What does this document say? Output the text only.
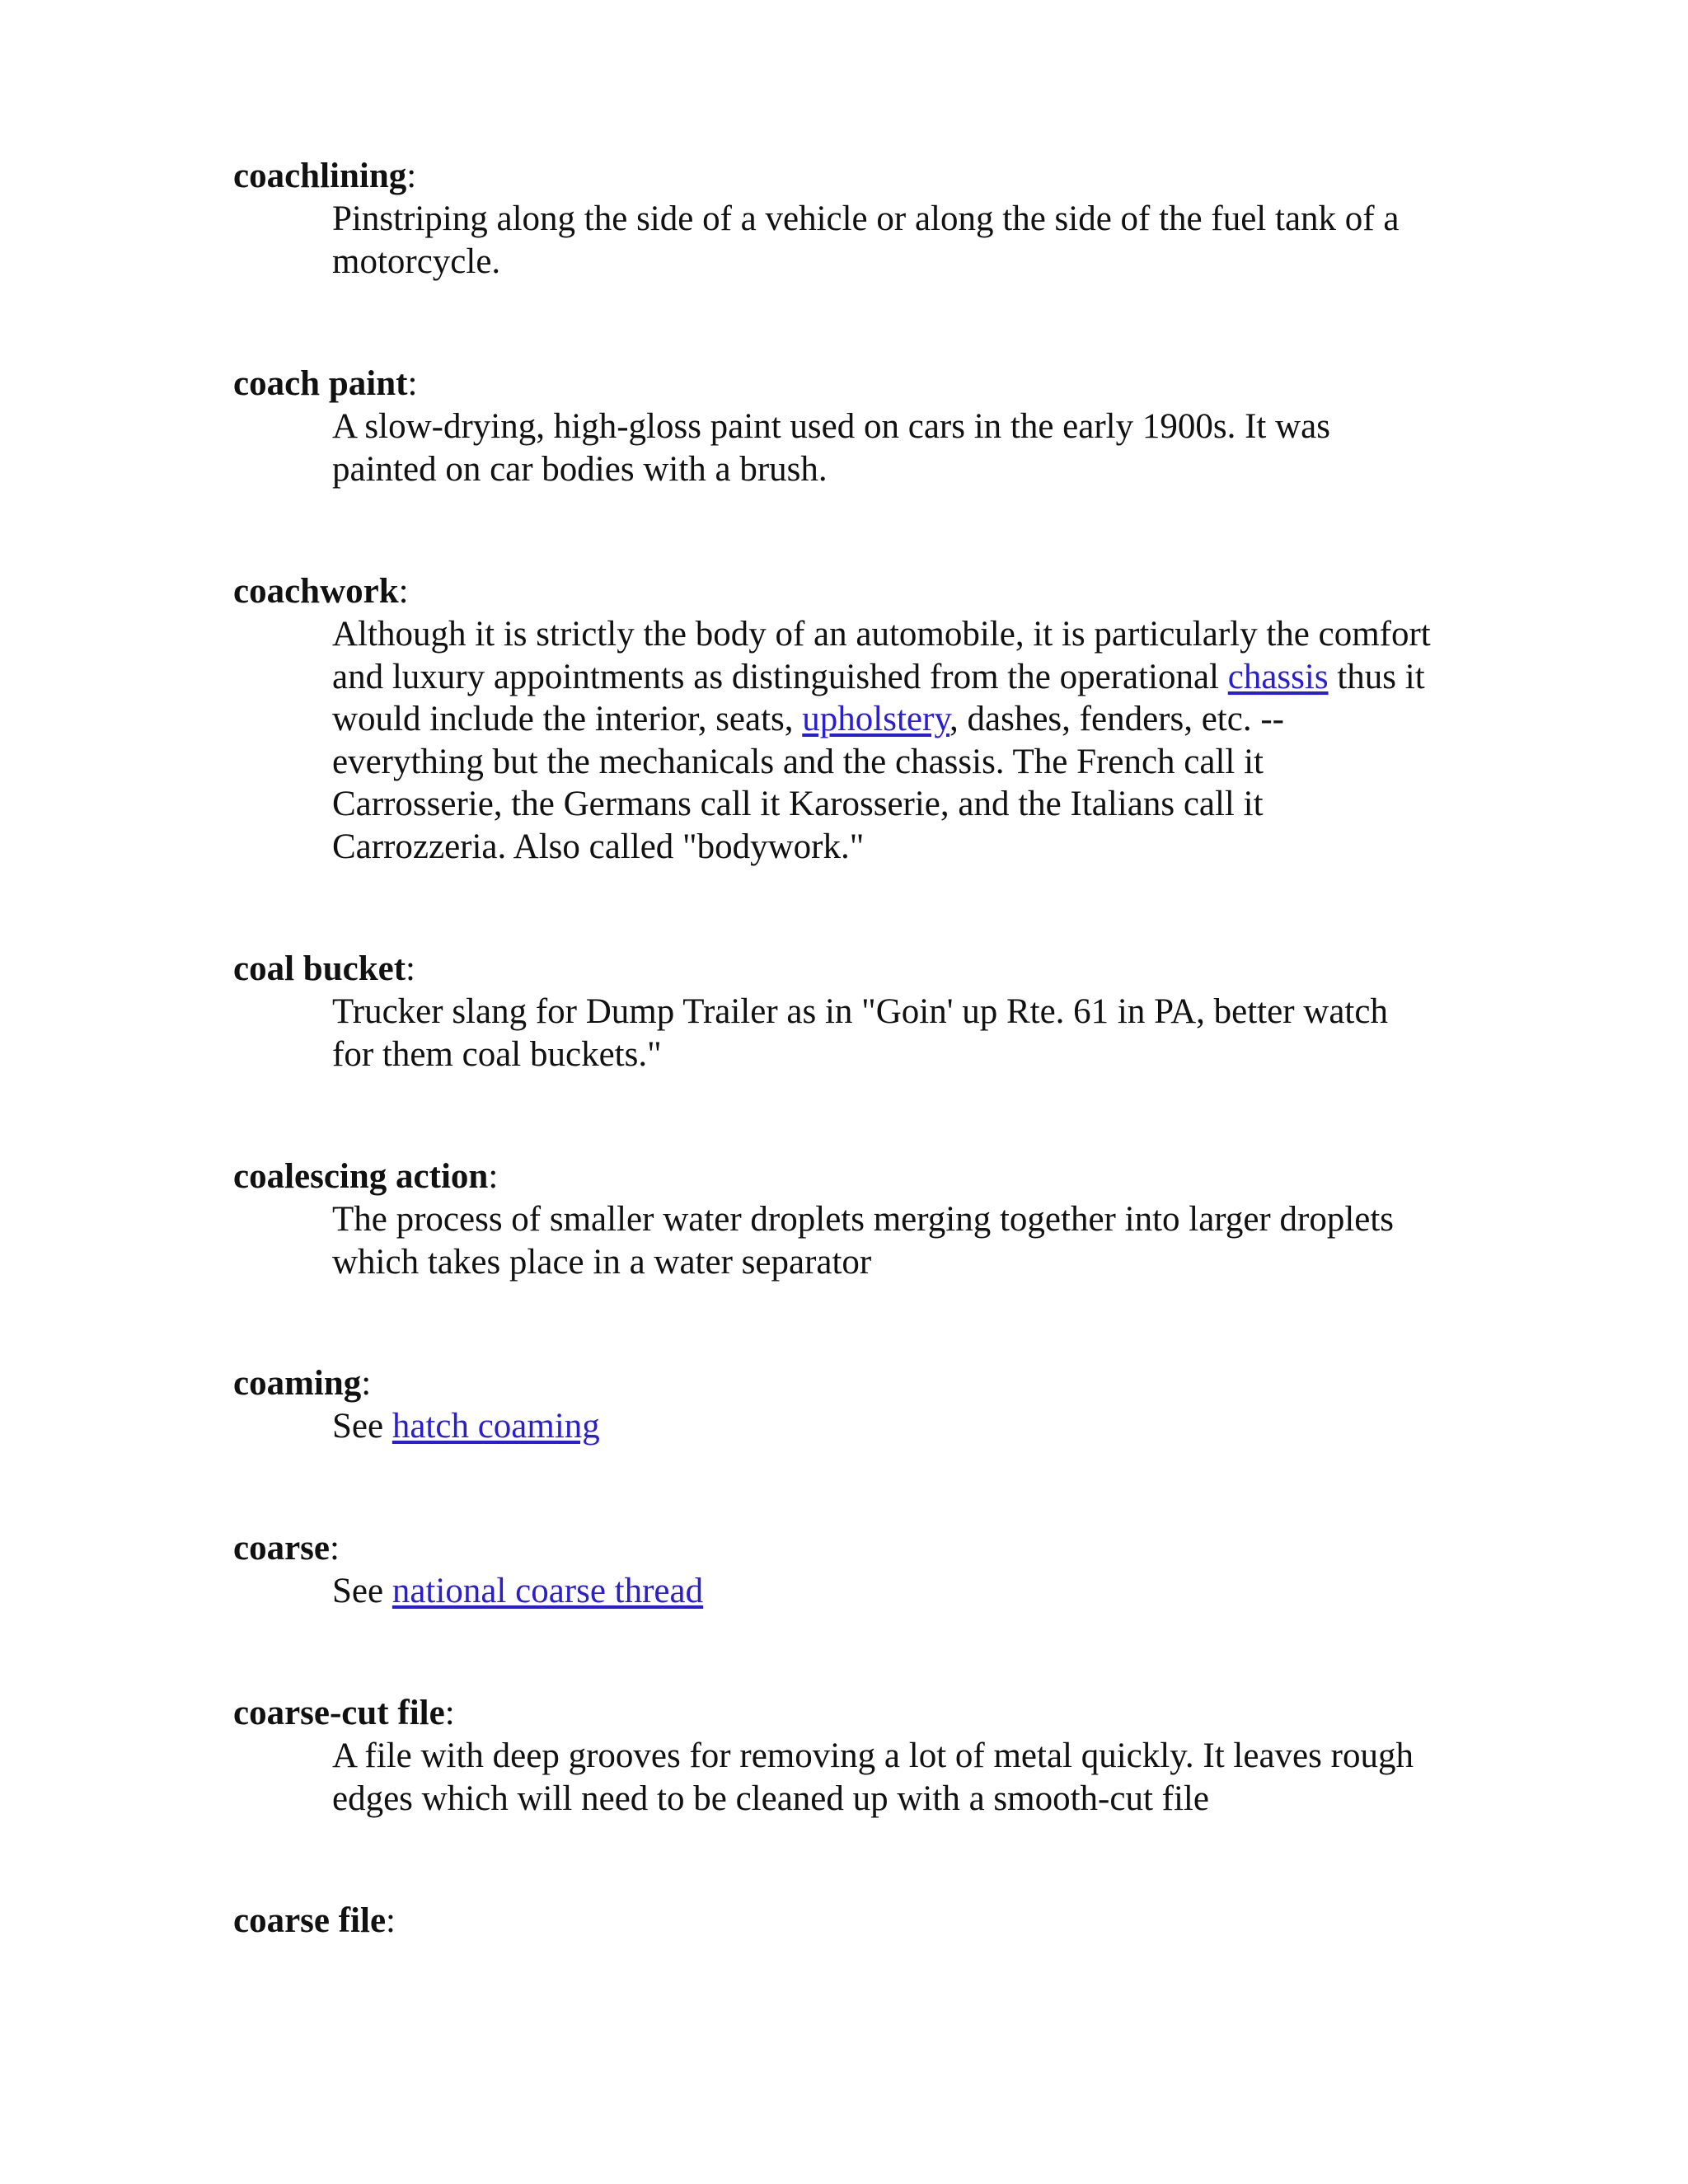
coachlining:
Pinstriping along the side of a vehicle or along the side of the fuel tank of a motorcycle.
coach paint:
A slow-drying, high-gloss paint used on cars in the early 1900s. It was painted on car bodies with a brush.
coachwork:
Although it is strictly the body of an automobile, it is particularly the comfort and luxury appointments as distinguished from the operational chassis thus it would include the interior, seats, upholstery, dashes, fenders, etc. -- everything but the mechanicals and the chassis. The French call it Carrosserie, the Germans call it Karosserie, and the Italians call it Carrozzeria. Also called "bodywork."
coal bucket:
Trucker slang for Dump Trailer as in "Goin' up Rte. 61 in PA, better watch for them coal buckets."
coalescing action:
The process of smaller water droplets merging together into larger droplets which takes place in a water separator
coaming:
See hatch coaming
coarse:
See national coarse thread
coarse-cut file:
A file with deep grooves for removing a lot of metal quickly. It leaves rough edges which will need to be cleaned up with a smooth-cut file
coarse file:
